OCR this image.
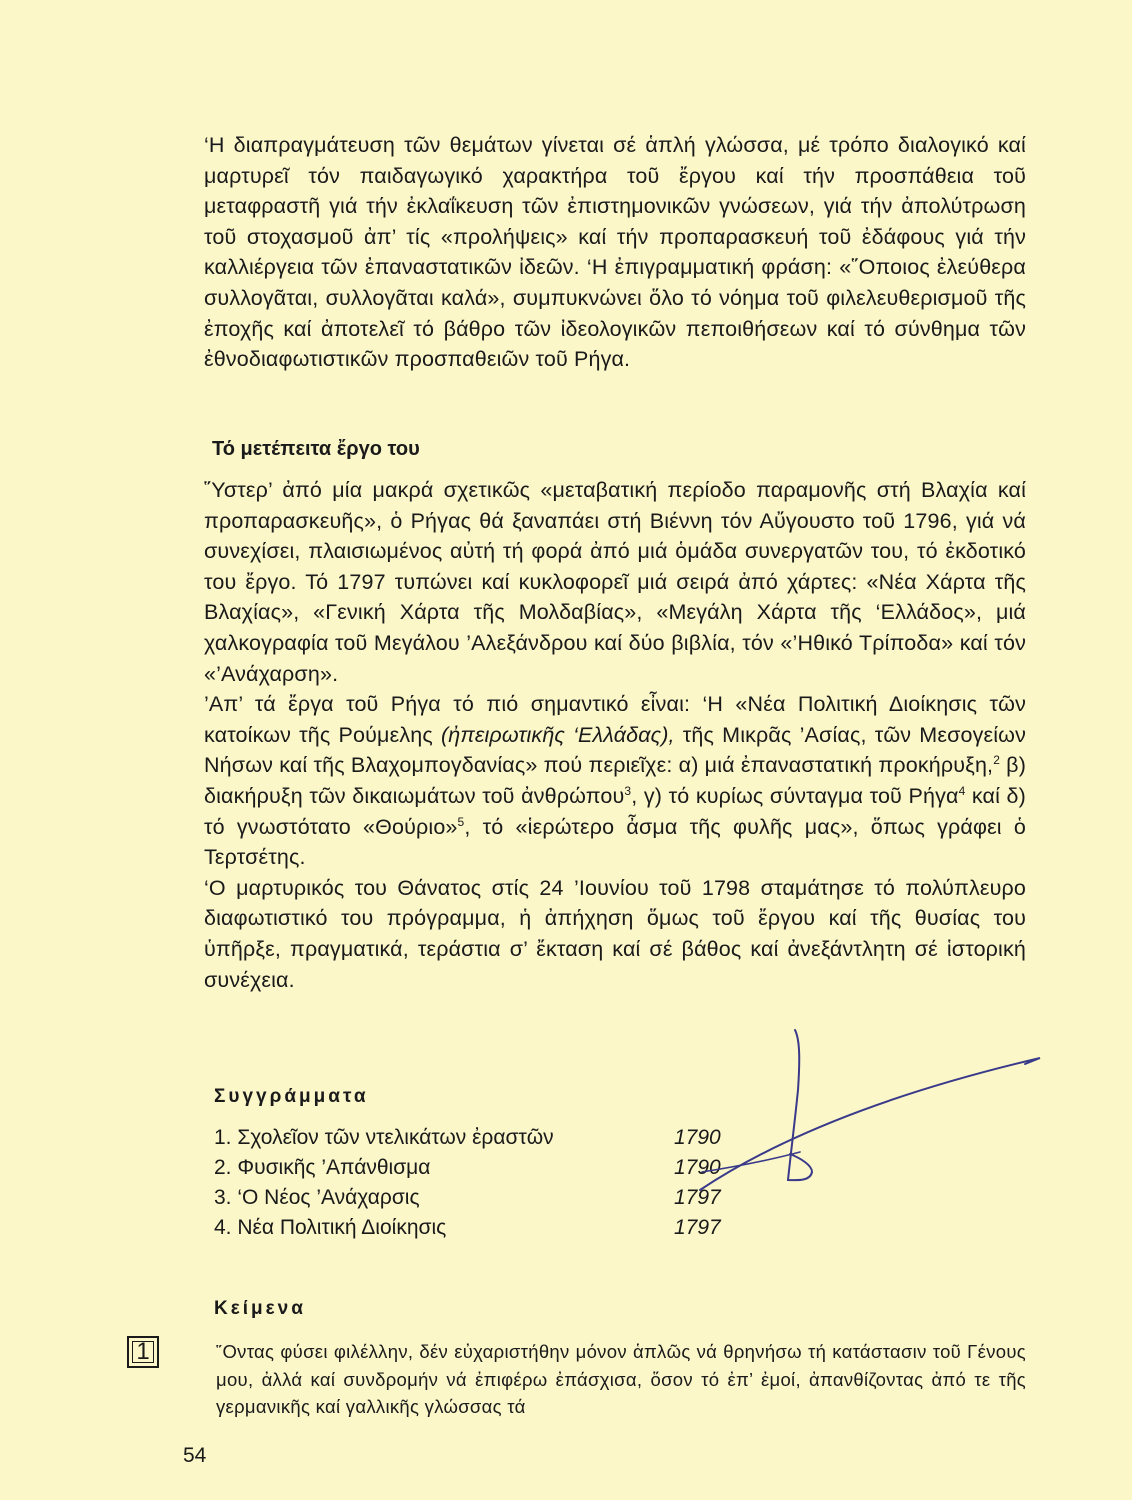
‘Η διαπραγμάτευση τῶν θεμάτων γίνεται σέ ἁπλή γλώσσα, μέ τρόπο διαλογικό καί μαρτυρεῖ τόν παιδαγωγικό χαρακτήρα τοῦ ἔργου καί τήν προσπάθεια τοῦ μεταφραστῆ γιά τήν ἐκλαΐκευση τῶν ἐπιστημονικῶν γνώσεων, γιά τήν ἀπολύτρωση τοῦ στοχασμοῦ ἀπ’ τίς «προλήψεις» καί τήν προπαρασκευή τοῦ ἐδάφους γιά τήν καλλιέργεια τῶν ἐπαναστατικῶν ἰδεῶν. ‘Η ἐπιγραμματική φράση: «῞Οποιος ἐλεύθερα συλλογᾶται, συλλογᾶται καλά», συμπυκνώνει ὅλο τό νόημα τοῦ φιλελευθερισμοῦ τῆς ἐποχῆς καί ἀποτελεῖ τό βάθρο τῶν ἰδεολογικῶν πεποιθήσεων καί τό σύνθημα τῶν ἐθνοδιαφωτιστικῶν προσπαθειῶν τοῦ Ρήγα.

Τό μετέπειτα ἔργο του

῞Υστερ’ ἀπό μία μακρά σχετικῶς «μεταβατική περίοδο παραμονῆς στή Βλαχία καί προπαρασκευῆς», ὁ Ρήγας θά ξαναπάει στή Βιέννη τόν Αὔγουστο τοῦ 1796, γιά νά συνεχίσει, πλαισιωμένος αὐτή τή φορά ἀπό μιά ὁμάδα συνεργατῶν του, τό ἐκδοτικό του ἔργο. Τό 1797 τυπώνει καί κυκλοφορεῖ μιά σειρά ἀπό χάρτες: «Νέα Χάρτα τῆς Βλαχίας», «Γενική Χάρτα τῆς Μολδαβίας», «Μεγάλη Χάρτα τῆς ‘Ελλάδος», μιά χαλκογραφία τοῦ Μεγάλου ’Αλεξάνδρου καί δύο βιβλία, τόν «’Ηθικό Τρίποδα» καί τόν «’Ανάχαρση».

’Απ’ τά ἔργα τοῦ Ρήγα τό πιό σημαντικό εἶναι: ‘Η «Νέα Πολιτική Διοίκησις τῶν κατοίκων τῆς Ρούμελης (ἠπειρωτικῆς ‘Ελλάδας), τῆς Μικρᾶς ’Ασίας, τῶν Μεσογείων Νήσων καί τῆς Βλαχομπογδανίας» πού περιεῖχε: α) μιά ἐπαναστατική προκήρυξη,$^2$ β) διακήρυξη τῶν δικαιωμάτων τοῦ ἀνθρώπου$^3$, γ) τό κυρίως σύνταγμα τοῦ Ρήγα$^4$ καί δ) τό γνωστότατο «Θούριο»$^5$, τό «ἱερώτερο ἆσμα τῆς φυλῆς μας», ὅπως γράφει ὁ Τερτσέτης.

‘Ο μαρτυρικός του Θάνατος στίς 24 ’Ιουνίου τοῦ 1798 σταμάτησε τό πολύπλευρο διαφωτιστικό του πρόγραμμα, ἡ ἀπήχηση ὅμως τοῦ ἔργου καί τῆς θυσίας του ὑπῆρξε, πραγματικά, τεράστια σ’ ἔκταση καί σέ βάθος καί ἀνεξάντλητη σέ ἱστορική συνέχεια.

Συγγράμματα
1. Σχολεῖον τῶν ντελικάτων ἐραστῶν	1790
2. Φυσικῆς ’Απάνθισμα	1790
3. ‘Ο Νέος ’Ανάχαρσις	1797
4. Νέα Πολιτική Διοίκησις	1797
Κείμενα
1	῞Οντας φύσει φιλέλλην, δέν εὐχαριστήθην μόνον ἁπλῶς νά θρηνήσω τή κατάστασιν τοῦ Γένους μου, ἀλλά καί συνδρομήν νά ἐπιφέρω ἐπάσχισα, ὅσον τό ἐπ’ ἐμοί, ἀπανθίζοντας ἀπό τε τῆς γερμανικῆς καί γαλλικῆς γλώσσας τά
54
